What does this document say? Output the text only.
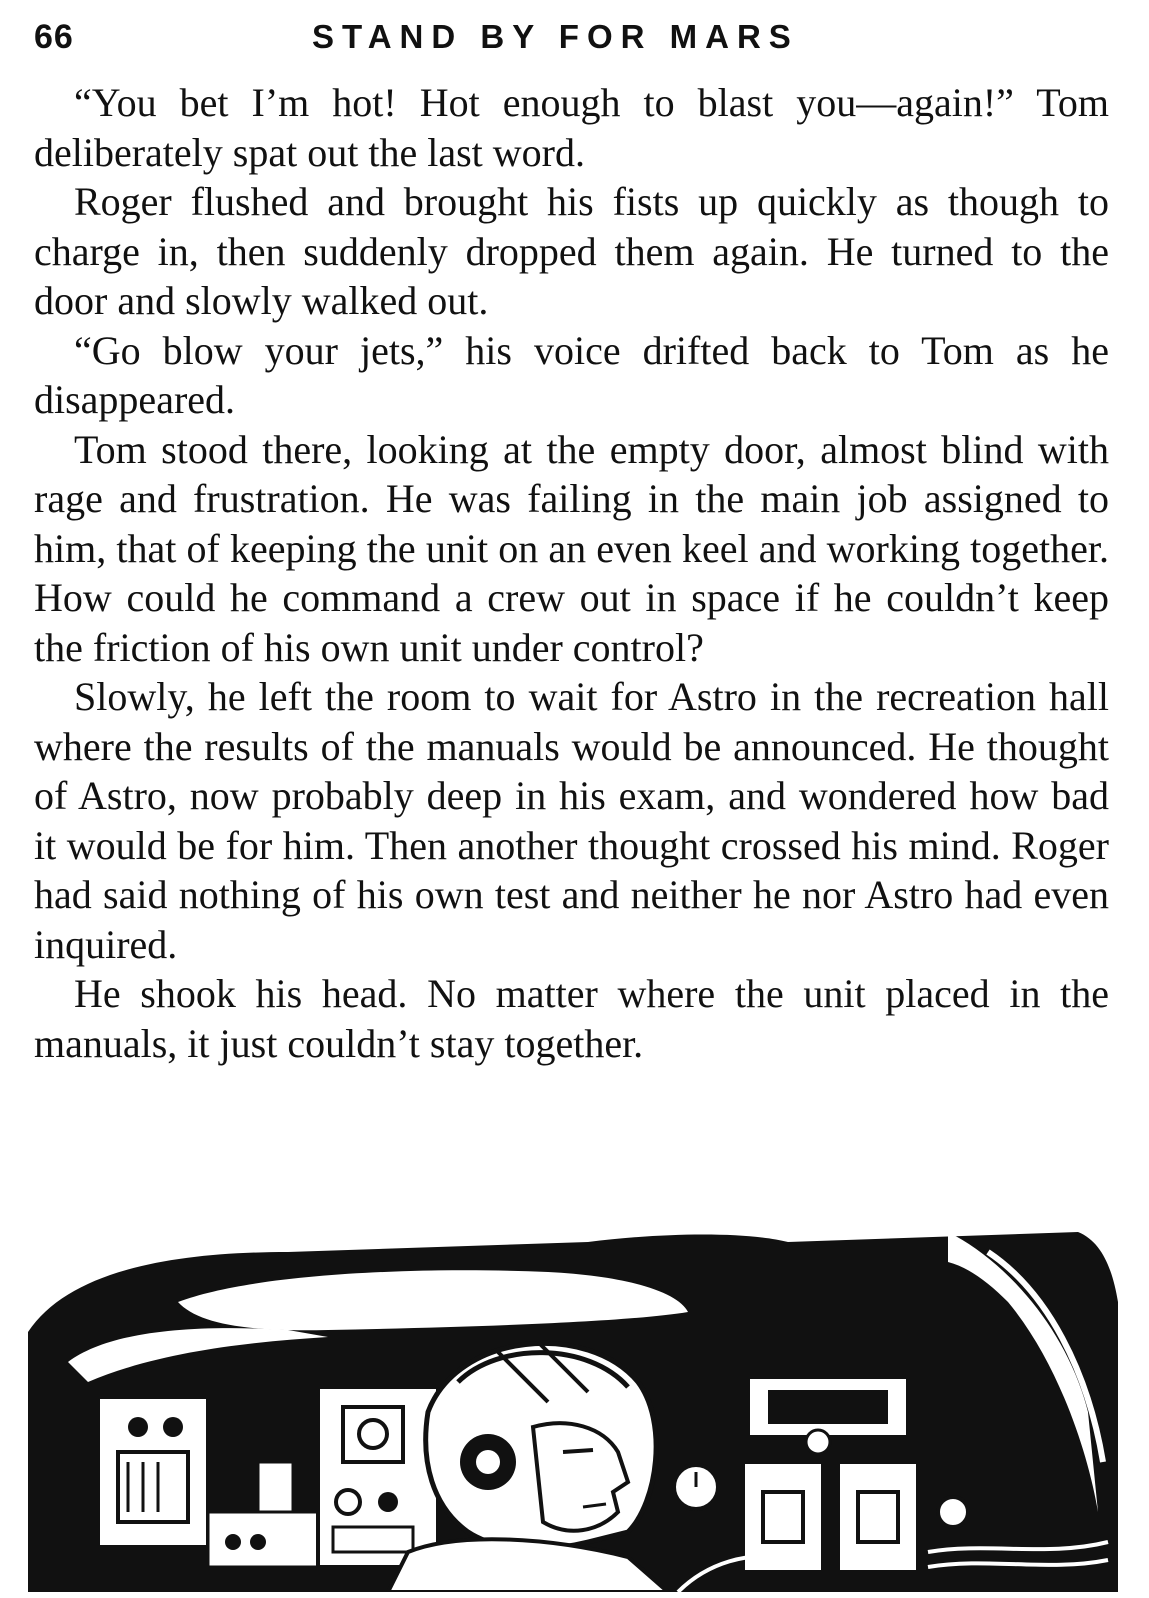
66	STAND BY FOR MARS

“You bet I’m hot! Hot enough to blast you—again!” Tom deliberately spat out the last word.

Roger flushed and brought his fists up quickly as though to charge in, then suddenly dropped them again. He turned to the door and slowly walked out.

“Go blow your jets,” his voice drifted back to Tom as he disappeared.

Tom stood there, looking at the empty door, almost blind with rage and frustration. He was failing in the main job assigned to him, that of keeping the unit on an even keel and working together. How could he command a crew out in space if he couldn’t keep the friction of his own unit under control?

Slowly, he left the room to wait for Astro in the recreation hall where the results of the manuals would be announced. He thought of Astro, now probably deep in his exam, and wondered how bad it would be for him. Then another thought crossed his mind. Roger had said nothing of his own test and neither he nor Astro had even inquired.

He shook his head. No matter where the unit placed in the manuals, it just couldn’t stay together.
